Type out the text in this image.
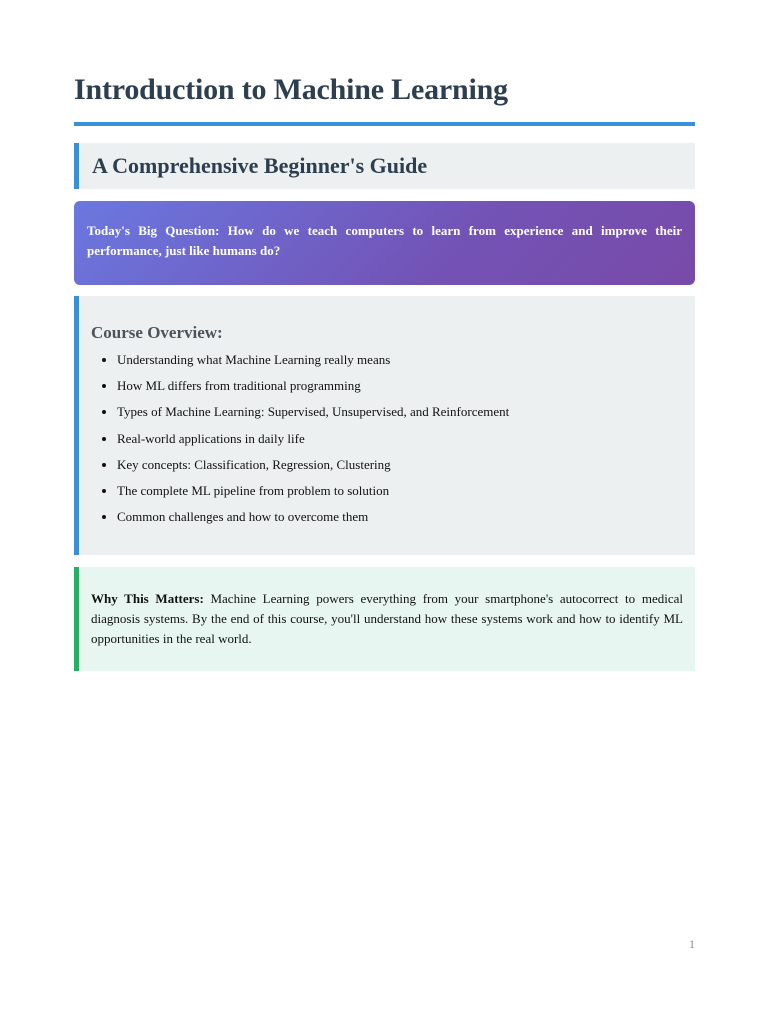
Introduction to Machine Learning
A Comprehensive Beginner's Guide
Today's Big Question: How do we teach computers to learn from experience and improve their performance, just like humans do?
Course Overview:
• Understanding what Machine Learning really means
• How ML differs from traditional programming
• Types of Machine Learning: Supervised, Unsupervised, and Reinforcement
• Real-world applications in daily life
• Key concepts: Classification, Regression, Clustering
• The complete ML pipeline from problem to solution
• Common challenges and how to overcome them
Why This Matters: Machine Learning powers everything from your smartphone's autocorrect to medical diagnosis systems. By the end of this course, you'll understand how these systems work and how to identify ML opportunities in the real world.
1
